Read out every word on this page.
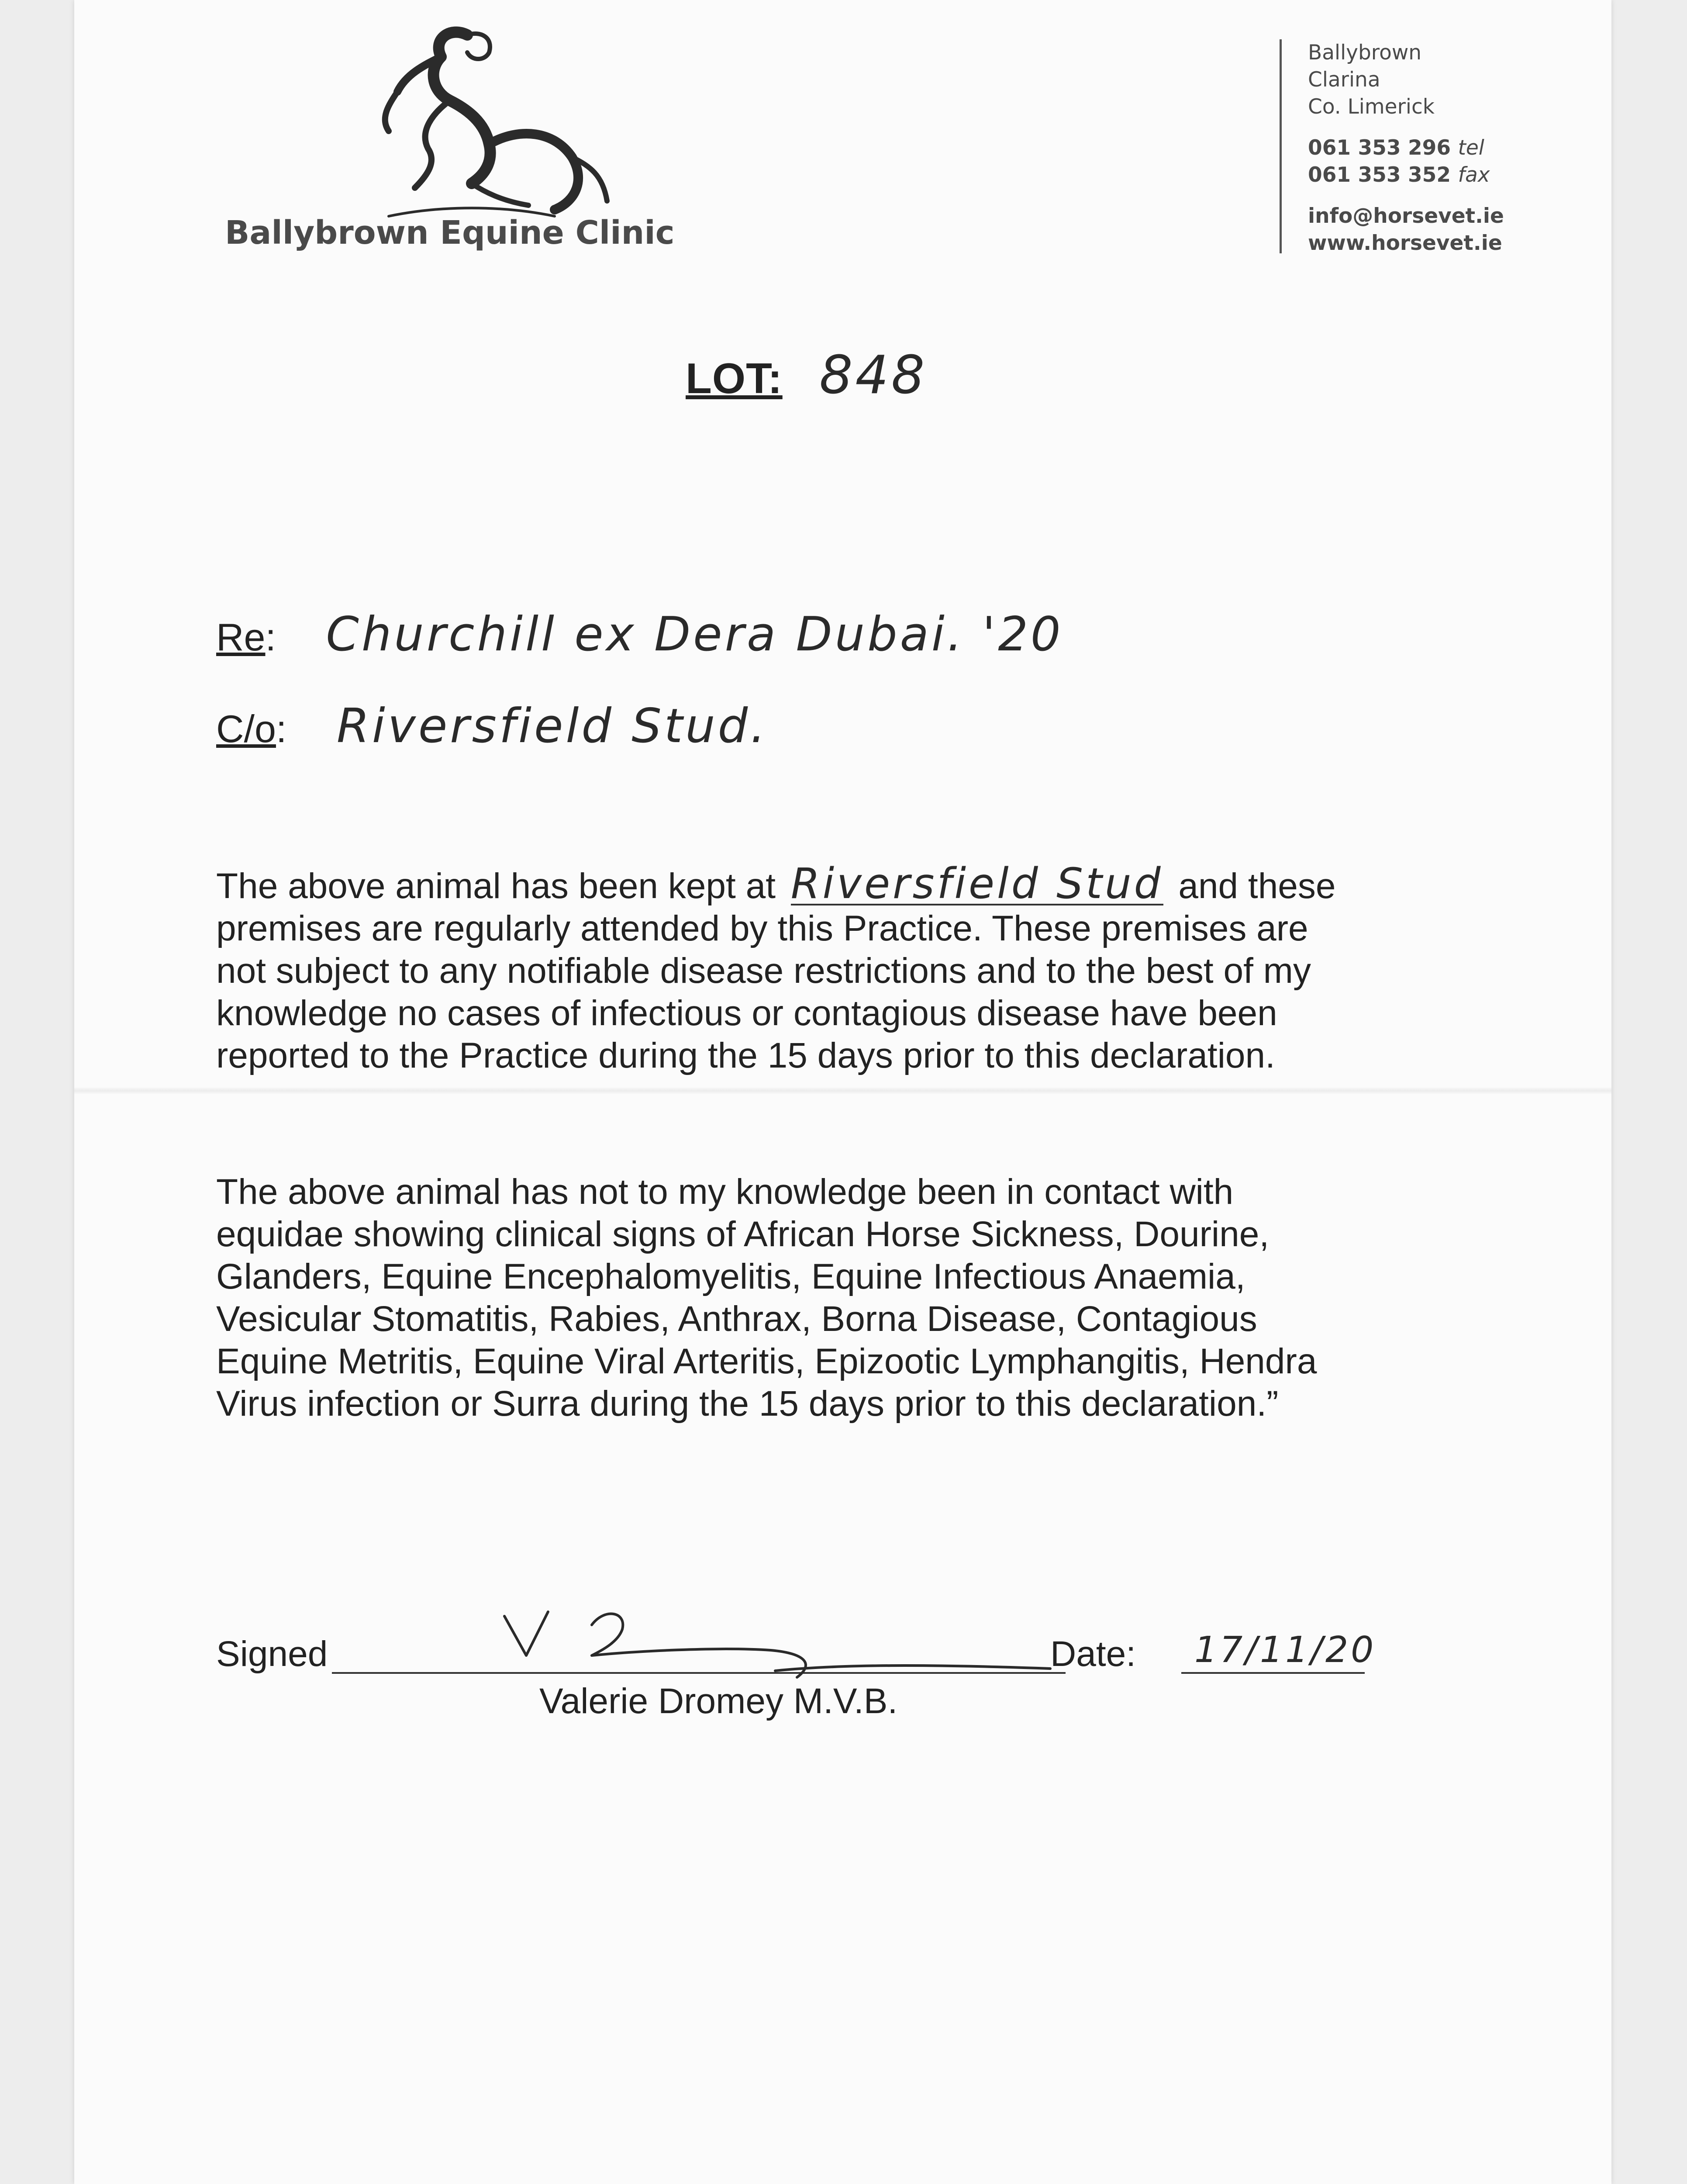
Ballybrown Equine Clinic
Ballybrown
Clarina
Co. Limerick
061 353 296 tel
061 353 352 fax
info@horsevet.ie
www.horsevet.ie
LOT: 848
Re: Churchill ex Dera Dubai. '20
C/o: Riversfield Stud.

The above animal has been kept at Riversfield Stud and these premises are regularly attended by this Practice. These premises are not subject to any notifiable disease restrictions and to the best of my knowledge no cases of infectious or contagious disease have been reported to the Practice during the 15 days prior to this declaration.

The above animal has not to my knowledge been in contact with equidae showing clinical signs of African Horse Sickness, Dourine, Glanders, Equine Encephalomyelitis, Equine Infectious Anaemia, Vesicular Stomatitis, Rabies, Anthrax, Borna Disease, Contagious Equine Metritis, Equine Viral Arteritis, Epizootic Lymphangitis, Hendra Virus infection or Surra during the 15 days prior to this declaration.”

Signed
Valerie Dromey M.V.B.
Date: 17/11/20
